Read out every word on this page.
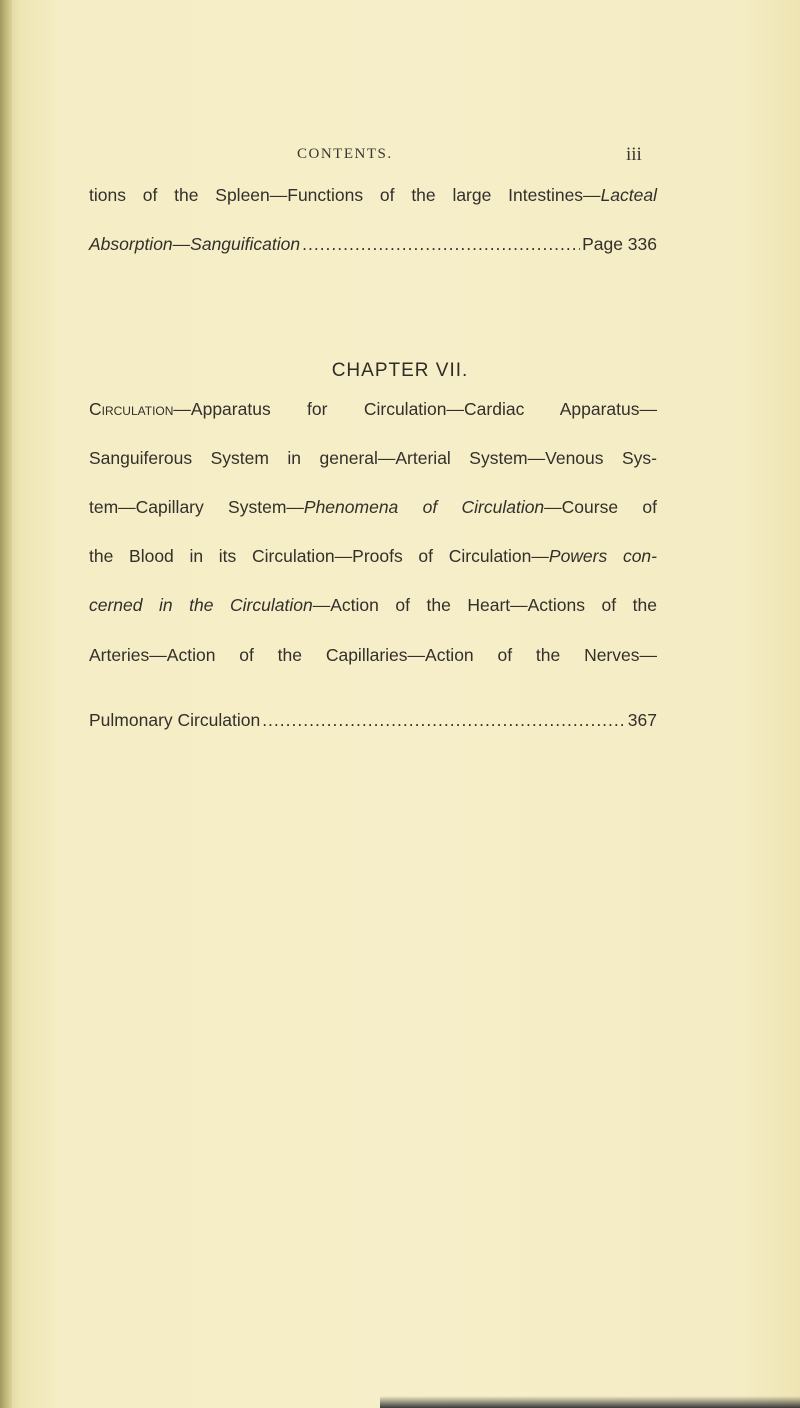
CONTENTS.	iii
tions of the Spleen—Functions of the large Intestines—Lacteal
Absorption—Sanguification .....	Page 336
CHAPTER VII.
Circulation—Apparatus for Circulation—Cardiac Apparatus—
Sanguiferous System in general—Arterial System—Venous Sys-
tem—Capillary System—Phenomena of Circulation—Course of
the Blood in its Circulation—Proofs of Circulation—Powers con-
cerned in the Circulation—Action of the Heart—Actions of the
Arteries—Action of the Capillaries—Action of the Nerves—
Pulmonary Circulation .....	367
